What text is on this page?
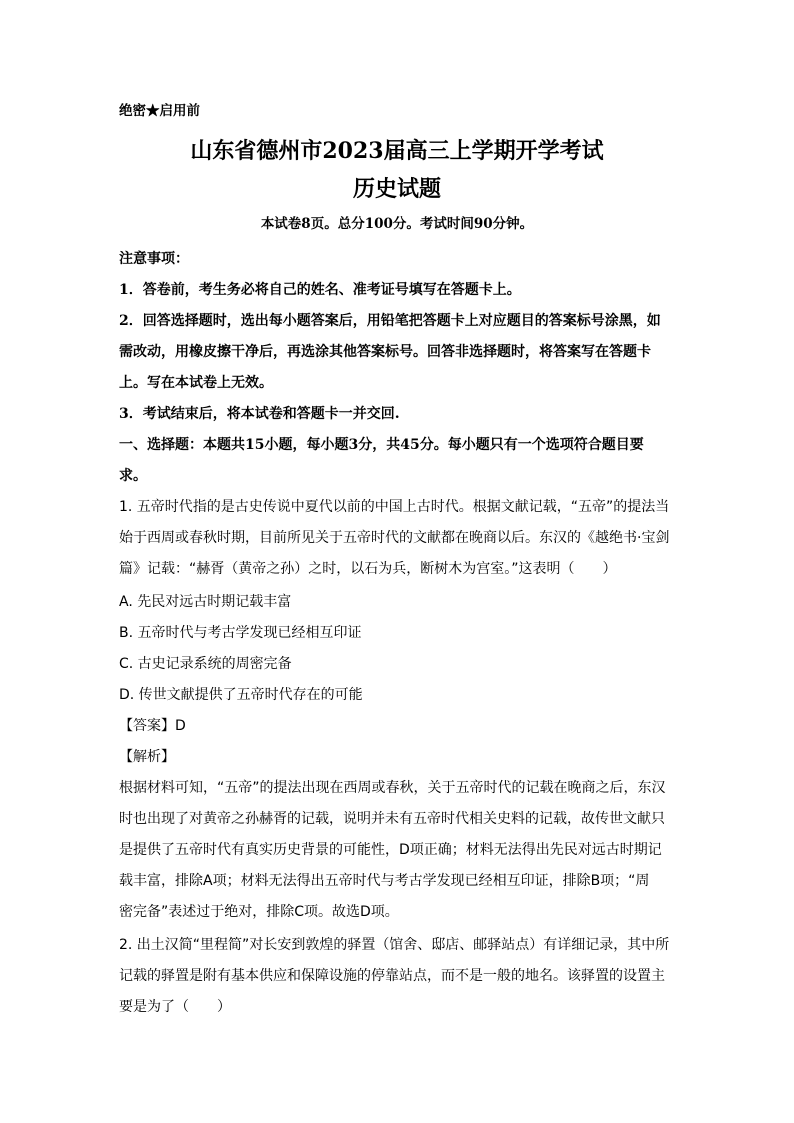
绝密★启用前
山东省德州市2023届高三上学期开学考试
历史试题
本试卷8页。总分100分。考试时间90分钟。
注意事项：
1．答卷前，考生务必将自己的姓名、准考证号填写在答题卡上。
2．回答选择题时，选出每小题答案后，用铅笔把答题卡上对应题目的答案标号涂黑，如
需改动，用橡皮擦干净后，再选涂其他答案标号。回答非选择题时，将答案写在答题卡
上。写在本试卷上无效。
3．考试结束后，将本试卷和答题卡一并交回.
一、选择题：本题共15小题，每小题3分，共45分。每小题只有一个选项符合题目要
求。
1. 五帝时代指的是古史传说中夏代以前的中国上古时代。根据文献记载，“五帝”的提法当
始于西周或春秋时期，目前所见关于五帝时代的文献都在晚商以后。东汉的《越绝书·宝剑
篇》记载：“赫胥（黄帝之孙）之时，以石为兵，断树木为宫室。”这表明（　　）
A. 先民对远古时期记载丰富
B. 五帝时代与考古学发现已经相互印证
C. 古史记录系统的周密完备
D. 传世文献提供了五帝时代存在的可能
【答案】D
【解析】
根据材料可知，“五帝”的提法出现在西周或春秋，关于五帝时代的记载在晚商之后，东汉
时也出现了对黄帝之孙赫胥的记载，说明并未有五帝时代相关史料的记载，故传世文献只
是提供了五帝时代有真实历史背景的可能性，D项正确；材料无法得出先民对远古时期记
载丰富，排除A项；材料无法得出五帝时代与考古学发现已经相互印证，排除B项；“周
密完备”表述过于绝对，排除C项。故选D项。
2. 出土汉简“里程简”对长安到敦煌的驿置（馆舍、邸店、邮驿站点）有详细记录，其中所
记载的驿置是附有基本供应和保障设施的停靠站点，而不是一般的地名。该驿置的设置主
要是为了（　　）
